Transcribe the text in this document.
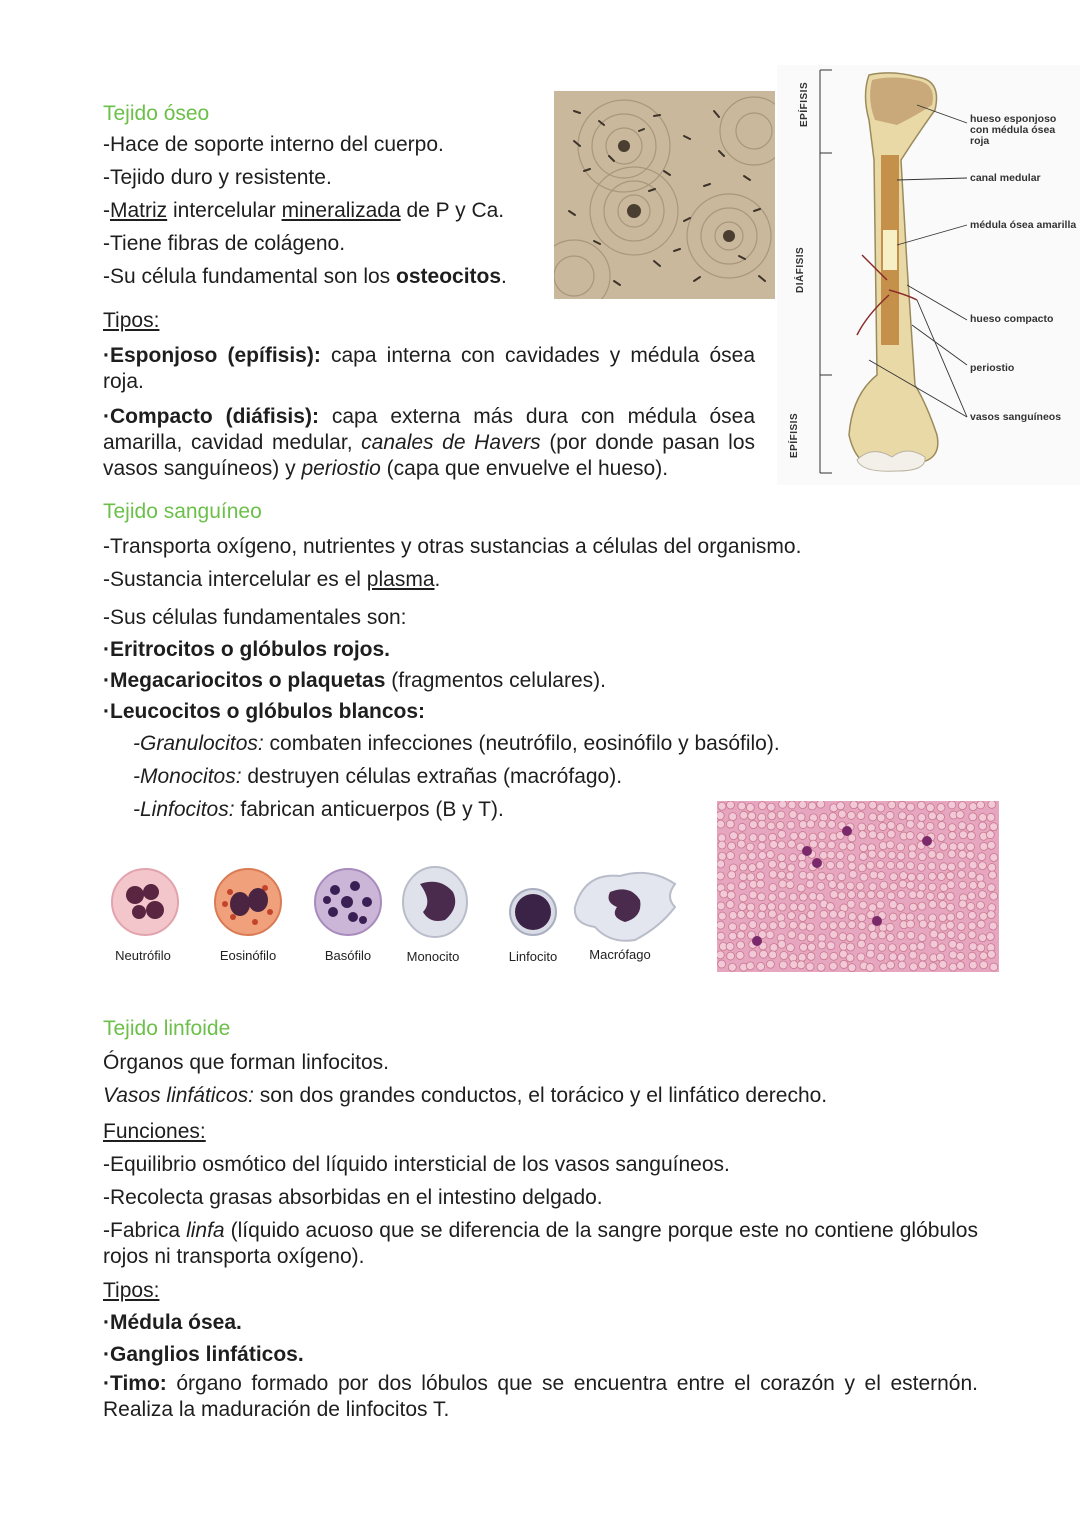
Tejido óseo

-Hace de soporte interno del cuerpo.

-Tejido duro y resistente.

-Matriz intercelular mineralizada de P y Ca.

-Tiene fibras de colágeno.

-Su célula fundamental son los osteocitos.

EPÍFISIS
DIÁFISIS
EPÍFISIS
hueso esponjoso con médula ósea roja
canal medular
médula ósea amarilla
hueso compacto
periostio
vasos sanguíneos

Tipos:

·Esponjoso (epífisis): capa interna con cavidades y médula ósea roja.

·Compacto (diáfisis): capa externa más dura con médula ósea amarilla, cavidad medular, canales de Havers (por donde pasan los vasos sanguíneos) y periostio (capa que envuelve el hueso).

Tejido sanguíneo

-Transporta oxígeno, nutrientes y otras sustancias a células del organismo.

-Sustancia intercelular es el plasma.

-Sus células fundamentales son:

·Eritrocitos o glóbulos rojos.

·Megacariocitos o plaquetas (fragmentos celulares).

·Leucocitos o glóbulos blancos:

-Granulocitos: combaten infecciones (neutrófilo, eosinófilo y basófilo).

-Monocitos: destruyen células extrañas (macrófago).

-Linfocitos: fabrican anticuerpos (B y T).

Neutrófilo	Eosinófilo	Basófilo	Monocito	Linfocito	Macrófago
Tejido linfoide

Órganos que forman linfocitos.

Vasos linfáticos: son dos grandes conductos, el torácico y el linfático derecho.

Funciones:

-Equilibrio osmótico del líquido intersticial de los vasos sanguíneos.

-Recolecta grasas absorbidas en el intestino delgado.

-Fabrica linfa (líquido acuoso que se diferencia de la sangre porque este no contiene glóbulos rojos ni transporta oxígeno).

Tipos:

·Médula ósea.

·Ganglios linfáticos.

·Timo: órgano formado por dos lóbulos que se encuentra entre el corazón y el esternón. Realiza la maduración de linfocitos T.
